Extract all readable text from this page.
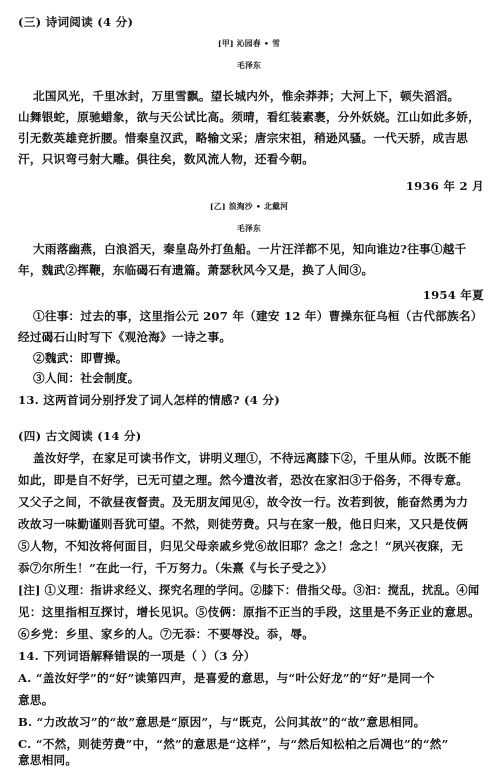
(三) 诗词阅读 (4 分)
[甲] 沁园春 • 雪
毛泽东
北国风光，千里冰封，万里雪飘。望长城内外，惟余莽莽；大河上下，顿失滔滔。
山舞银蛇，原驰蜡象，欲与天公试比高。须晴，看红装素裹，分外妖娆。江山如此多娇，
引无数英雄竞折腰。惜秦皇汉武，略输文采；唐宗宋祖，稍逊风骚。一代天骄，成吉思
汗，只识弯弓射大雕。俱往矣，数风流人物，还看今朝。
1936 年 2 月
[乙] 浪淘沙 • 北戴河
毛泽东
大雨落幽燕，白浪滔天，秦皇岛外打鱼船。一片汪洋都不见，知向谁边?往事①越千
年，魏武②挥鞭，东临碣石有遗篇。萧瑟秋风今又是，换了人间③。
1954 年夏
①往事：过去的事，这里指公元 207 年（建安 12 年）曹操东征乌桓（古代部族名）
经过碣石山时写下《观沧海》一诗之事。
②魏武：即曹操。
③人间：社会制度。
13. 这两首词分别抒发了词人怎样的情感? (4 分)
(四) 古文阅读 (14 分)
盖汝好学，在家足可读书作文，讲明义理①，不待远离膝下②，千里从师。汝既不能
如此，即是自不好学，已无可望之理。然今遣汝者，恐汝在家汩③于俗务，不得专意。
又父子之间，不欲昼夜督责。及无朋友闻见④，故令汝一行。汝若到彼，能奋然勇为力
改故习一味勤谨则吾犹可望。不然，则徒劳费。只与在家一般，他日归来，又只是伎俩
⑤人物，不知汝将何面目，归见父母亲戚乡党⑥故旧耶？念之！念之！“夙兴夜寐，无
忝⑦尔所生！”在此一行，千万努力。（朱熹《与长子受之》）
[注] ①义理：指讲求经义、探究名理的学问。②膝下：借指父母。③汩：搅乱，扰乱。④闻
见：这里指相互探讨，增长见识。⑤伎俩：原指不正当的手段，这里是不务正业的意思。
⑥乡党：乡里、家乡的人。⑦无忝：不要辱没。忝，辱。
14. 下列词语解释错误的一项是（ ）（3 分）
A. “盖汝好学”的“好”读第四声，是喜爱的意思，与“叶公好龙”的“好”是同一个
意思。
B. “力改故习”的“故”意思是“原因”，与“既克，公问其故”的“故”意思相同。
C. “不然，则徒劳费”中，“然”的意思是“这样”，与“然后知松柏之后凋也”的“然”
意思相同。
